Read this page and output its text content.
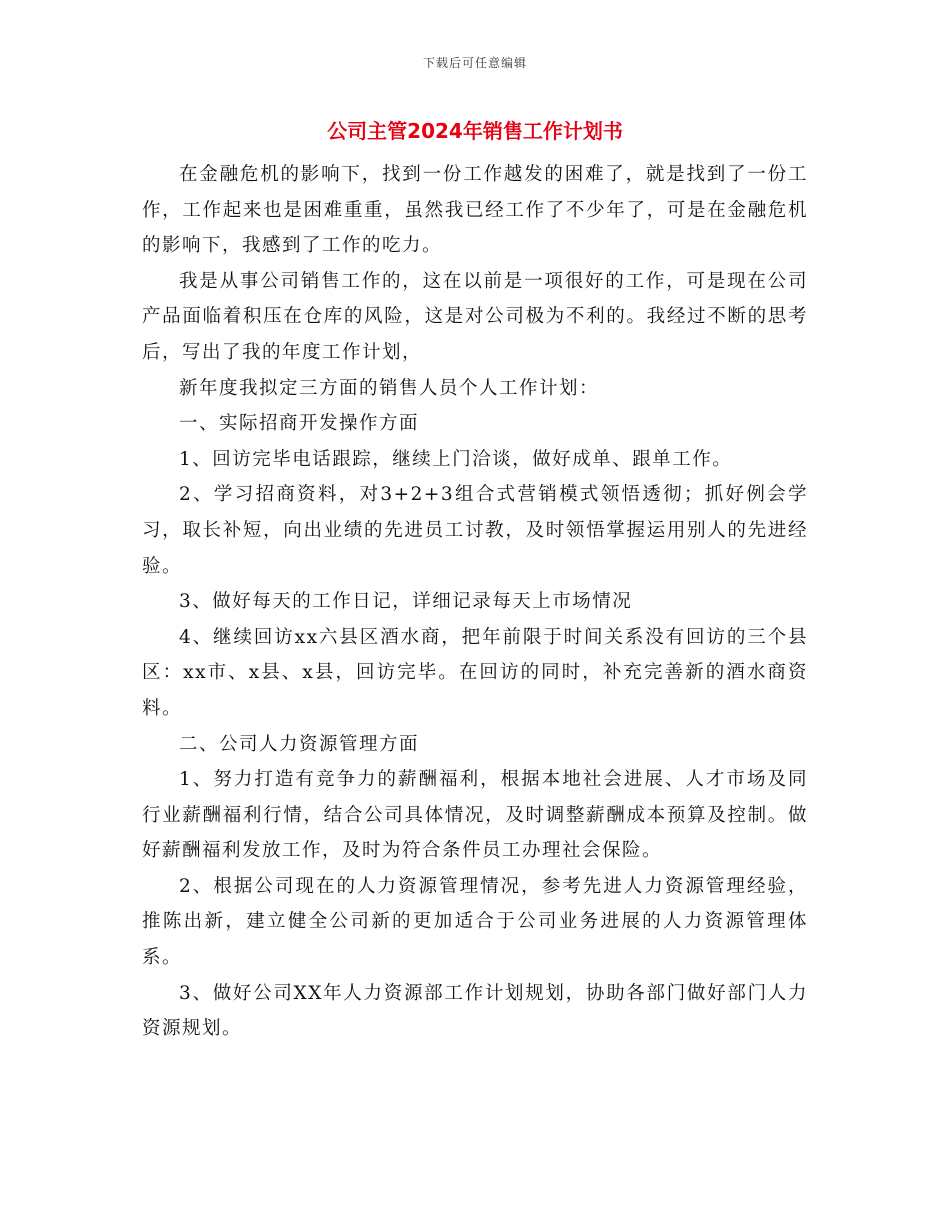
下载后可任意编辑
公司主管2024年销售工作计划书

在金融危机的影响下，找到一份工作越发的困难了，就是找到了一份工作，工作起来也是困难重重，虽然我已经工作了不少年了，可是在金融危机的影响下，我感到了工作的吃力。

我是从事公司销售工作的，这在以前是一项很好的工作，可是现在公司产品面临着积压在仓库的风险，这是对公司极为不利的。我经过不断的思考后，写出了我的年度工作计划，

新年度我拟定三方面的销售人员个人工作计划：

一、实际招商开发操作方面

1、回访完毕电话跟踪，继续上门洽谈，做好成单、跟单工作。

2、学习招商资料，对3+2+3组合式营销模式领悟透彻；抓好例会学习，取长补短，向出业绩的先进员工讨教，及时领悟掌握运用别人的先进经验。

3、做好每天的工作日记，详细记录每天上市场情况

4、继续回访xx六县区酒水商，把年前限于时间关系没有回访的三个县区：xx市、x县、x县，回访完毕。在回访的同时，补充完善新的酒水商资料。

二、公司人力资源管理方面

1、努力打造有竞争力的薪酬福利，根据本地社会进展、人才市场及同行业薪酬福利行情，结合公司具体情况，及时调整薪酬成本预算及控制。做好薪酬福利发放工作，及时为符合条件员工办理社会保险。

2、根据公司现在的人力资源管理情况，参考先进人力资源管理经验，推陈出新，建立健全公司新的更加适合于公司业务进展的人力资源管理体系。

3、做好公司XX年人力资源部工作计划规划，协助各部门做好部门人力资源规划。
